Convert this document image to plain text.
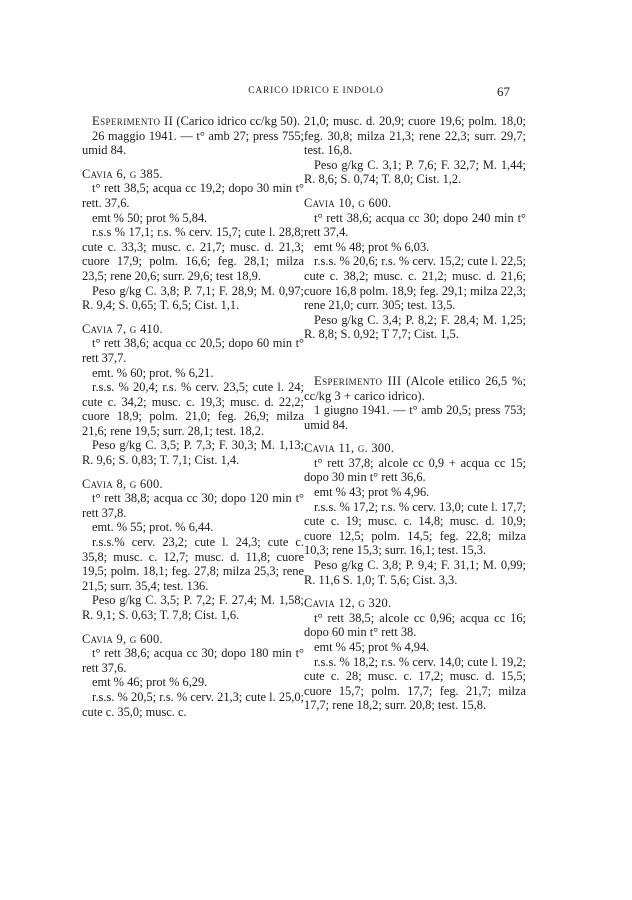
CARICO IDRICO E INDOLO	67

Esperimento II (Carico idrico cc/kg 50).

26 maggio 1941. — t° amb 27; press 755; umid 84.

Cavia 6, g 385.

t° rett 38,5; acqua cc 19,2; dopo 30 min t° rett. 37,6.

emt % 50; prot % 5,84.

r.s.s % 17,1; r.s. % cerv. 15,7; cute l. 28,8; cute c. 33,3; musc. c. 21,7; musc. d. 21,3; cuore 17,9; polm. 16,6; feg. 28,1; milza 23,5; rene 20,6; surr. 29,6; test 18,9.

Peso g/kg C. 3,8; P. 7,1; F. 28,9; M. 0,97; R. 9,4; S. 0,65; T. 6,5; Cist. 1,1.

Cavia 7, g 410.

t° rett 38,6; acqua cc 20,5; dopo 60 min t° rett 37,7.

emt. % 60; prot. % 6,21.

r.s.s. % 20,4; r.s. % cerv. 23,5; cute l. 24; cute c. 34,2; musc. c. 19,3; musc. d. 22,2; cuore 18,9; polm. 21,0; feg. 26,9; milza 21,6; rene 19,5; surr. 28,1; test. 18,2.

Peso g/kg C. 3,5; P. 7,3; F. 30,3; M. 1,13; R. 9,6; S. 0,83; T. 7,1; Cist. 1,4.

Cavia 8, g 600.

t° rett 38,8; acqua cc 30; dopo 120 min t° rett 37,8.

emt. % 55; prot. % 6,44.

r.s.s.% cerv. 23,2; cute l. 24,3; cute c. 35,8; musc. c. 12,7; musc. d. 11,8; cuore 19,5; polm. 18,1; feg. 27,8; milza 25,3; rene 21,5; surr. 35,4; test. 136.

Peso g/kg C. 3,5; P. 7,2; F. 27,4; M. 1,58; R. 9,1; S. 0,63; T. 7,8; Cist. 1,6.

Cavia 9, g 600.

t° rett 38,6; acqua cc 30; dopo 180 min t° rett 37,6.

emt % 46; prot % 6,29.

r.s.s. % 20,5; r.s. % cerv. 21,3; cute l. 25,0; cute c. 35,0; musc. c.

21,0; musc. d. 20,9; cuore 19,6; polm. 18,0; feg. 30,8; milza 21,3; rene 22,3; surr. 29,7; test. 16,8.

Peso g/kg C. 3,1; P. 7,6; F. 32,7; M. 1,44; R. 8,6; S. 0,74; T. 8,0; Cist. 1,2.

Cavia 10, g 600.

t° rett 38,6; acqua cc 30; dopo 240 min t° rett 37,4.

emt % 48; prot % 6,03.

r.s.s. % 20,6; r.s. % cerv. 15,2; cute l. 22,5; cute c. 38,2; musc. c. 21,2; musc. d. 21,6; cuore 16,8 polm. 18,9; feg. 29,1; milza 22,3; rene 21,0; curr. 305; test. 13,5.

Peso g/kg C. 3,4; P. 8,2; F. 28,4; M. 1,25; R. 8,8; S. 0,92; T 7,7; Cist. 1,5.

Esperimento III (Alcole etilico 26,5 %; cc/kg 3 + carico idrico).

1 giugno 1941. — t° amb 20,5; press 753; umid 84.

Cavia 11, g. 300.

t° rett 37,8; alcole cc 0,9 + acqua cc 15; dopo 30 min t° rett 36,6.

emt % 43; prot % 4,96.

r.s.s. % 17,2; r.s. % cerv. 13,0; cute l. 17,7; cute c. 19; musc. c. 14,8; musc. d. 10,9; cuore 12,5; polm. 14,5; feg. 22,8; milza 10,3; rene 15,3; surr. 16,1; test. 15,3.

Peso g/kg C. 3,8; P. 9,4; F. 31,1; M. 0,99; R. 11,6 S. 1,0; T. 5,6; Cist. 3,3.

Cavia 12, g 320.

t° rett 38,5; alcole cc 0,96; acqua cc 16; dopo 60 min t° rett 38.

emt % 45; prot % 4,94.

r.s.s. % 18,2; r.s. % cerv. 14,0; cute l. 19,2; cute c. 28; musc. c. 17,2; musc. d. 15,5; cuore 15,7; polm. 17,7; feg. 21,7; milza 17,7; rene 18,2; surr. 20,8; test. 15,8.
